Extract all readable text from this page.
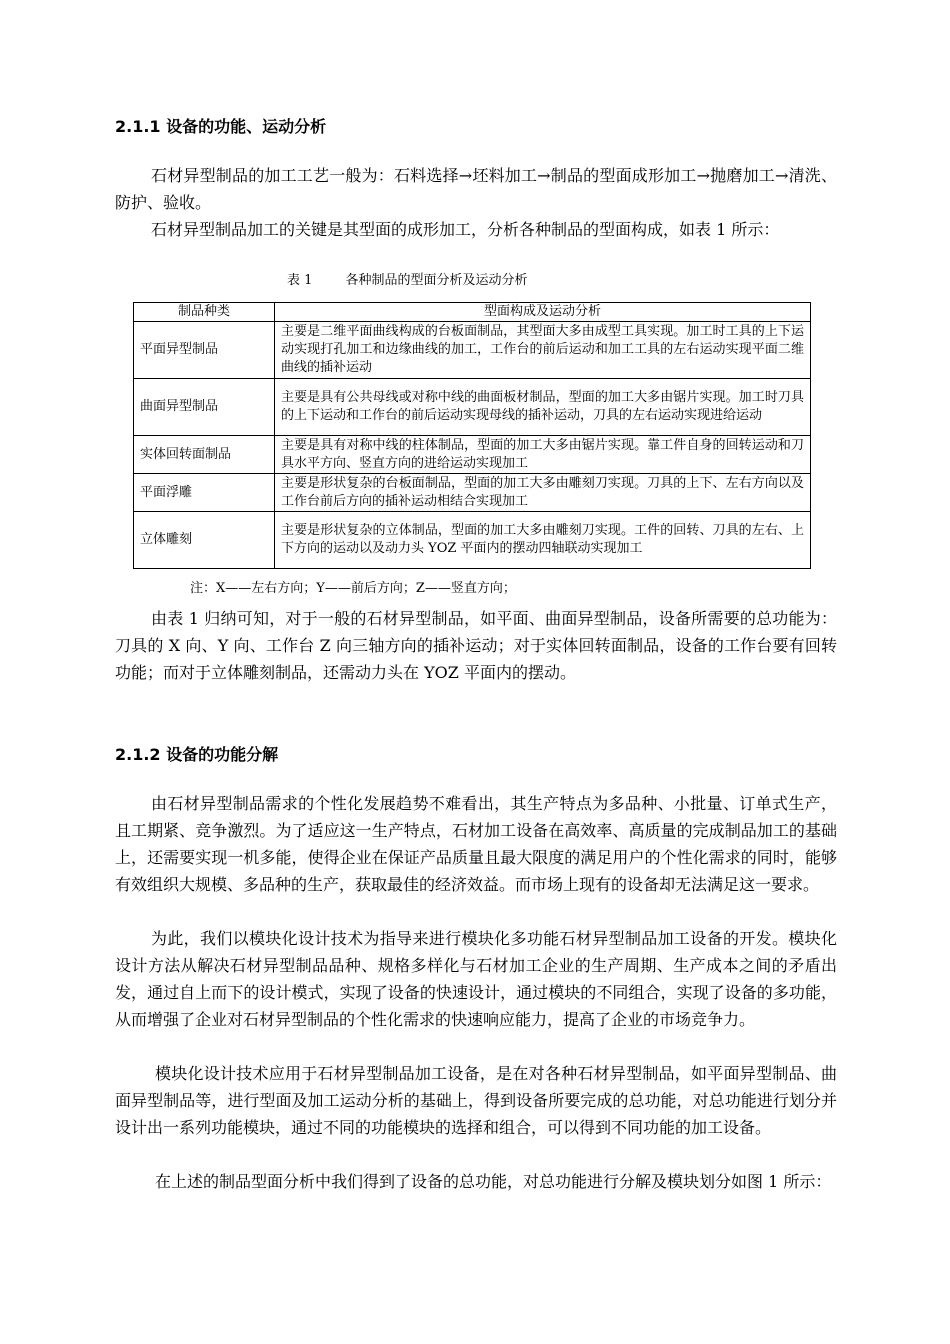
2.1.1 设备的功能、运动分析

石材异型制品的加工工艺一般为：石料选择→坯料加工→制品的型面成形加工→抛磨加工→清洗、防护、验收。

石材异型制品加工的关键是其型面的成形加工，分析各种制品的型面构成，如表 1 所示：

表 1        各种制品的型面分析及运动分析

制品种类	型面构成及运动分析
平面异型制品	主要是二维平面曲线构成的台板面制品，其型面大多由成型工具实现。加工时工具的上下运动实现打孔加工和边缘曲线的加工，工作台的前后运动和加工工具的左右运动实现平面二维曲线的插补运动
曲面异型制品	主要是具有公共母线或对称中线的曲面板材制品，型面的加工大多由锯片实现。加工时刀具的上下运动和工作台的前后运动实现母线的插补运动，刀具的左右运动实现进给运动
实体回转面制品	主要是具有对称中线的柱体制品，型面的加工大多由锯片实现。靠工件自身的回转运动和刀具水平方向、竖直方向的进给运动实现加工
平面浮雕	主要是形状复杂的台板面制品，型面的加工大多由雕刻刀实现。刀具的上下、左右方向以及工作台前后方向的插补运动相结合实现加工
立体雕刻	主要是形状复杂的立体制品，型面的加工大多由雕刻刀实现。工件的回转、刀具的左右、上下方向的运动以及动力头 YOZ 平面内的摆动四轴联动实现加工

注：X——左右方向；Y——前后方向；Z——竖直方向；

由表 1 归纳可知，对于一般的石材异型制品，如平面、曲面异型制品，设备所需要的总功能为：刀具的 X 向、Y 向、工作台 Z 向三轴方向的插补运动；对于实体回转面制品，设备的工作台要有回转功能；而对于立体雕刻制品，还需动力头在 YOZ 平面内的摆动。

2.1.2 设备的功能分解

由石材异型制品需求的个性化发展趋势不难看出，其生产特点为多品种、小批量、订单式生产，且工期紧、竞争激烈。为了适应这一生产特点，石材加工设备在高效率、高质量的完成制品加工的基础上，还需要实现一机多能，使得企业在保证产品质量且最大限度的满足用户的个性化需求的同时，能够有效组织大规模、多品种的生产，获取最佳的经济效益。而市场上现有的设备却无法满足这一要求。

为此，我们以模块化设计技术为指导来进行模块化多功能石材异型制品加工设备的开发。模块化设计方法从解决石材异型制品品种、规格多样化与石材加工企业的生产周期、生产成本之间的矛盾出发，通过自上而下的设计模式，实现了设备的快速设计，通过模块的不同组合，实现了设备的多功能，从而增强了企业对石材异型制品的个性化需求的快速响应能力，提高了企业的市场竞争力。

模块化设计技术应用于石材异型制品加工设备，是在对各种石材异型制品，如平面异型制品、曲面异型制品等，进行型面及加工运动分析的基础上，得到设备所要完成的总功能，对总功能进行划分并设计出一系列功能模块，通过不同的功能模块的选择和组合，可以得到不同功能的加工设备。

在上述的制品型面分析中我们得到了设备的总功能，对总功能进行分解及模块划分如图 1 所示：
